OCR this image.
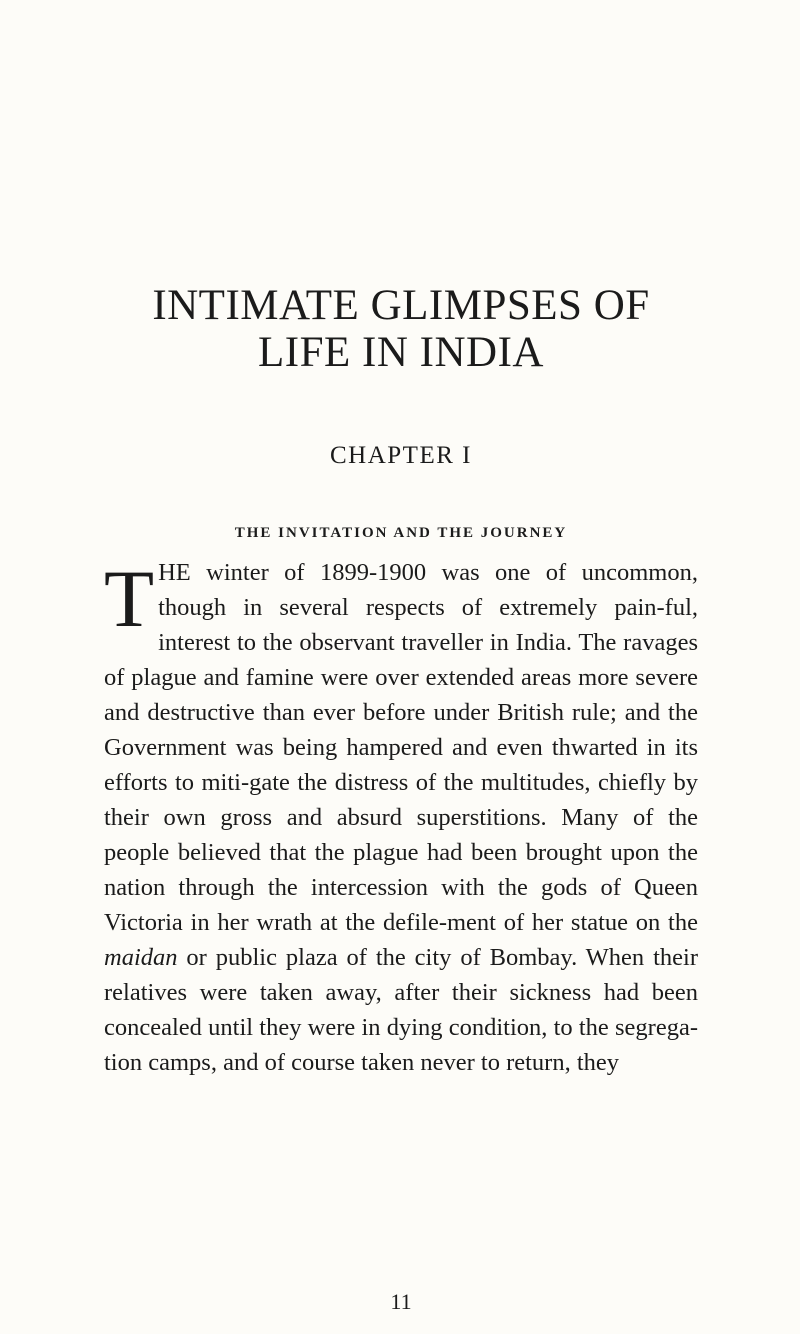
INTIMATE GLIMPSES OF
LIFE IN INDIA
CHAPTER I
THE INVITATION AND THE JOURNEY

THE winter of 1899-1900 was one of uncommon, though in several respects of extremely pain-ful, interest to the observant traveller in India. The ravages of plague and famine were over extended areas more severe and destructive than ever before under British rule; and the Government was being hampered and even thwarted in its efforts to miti-gate the distress of the multitudes, chiefly by their own gross and absurd superstitions. Many of the people believed that the plague had been brought upon the nation through the intercession with the gods of Queen Victoria in her wrath at the defile-ment of her statue on the maidan or public plaza of the city of Bombay. When their relatives were taken away, after their sickness had been concealed until they were in dying condition, to the segrega-tion camps, and of course taken never to return, they

11
